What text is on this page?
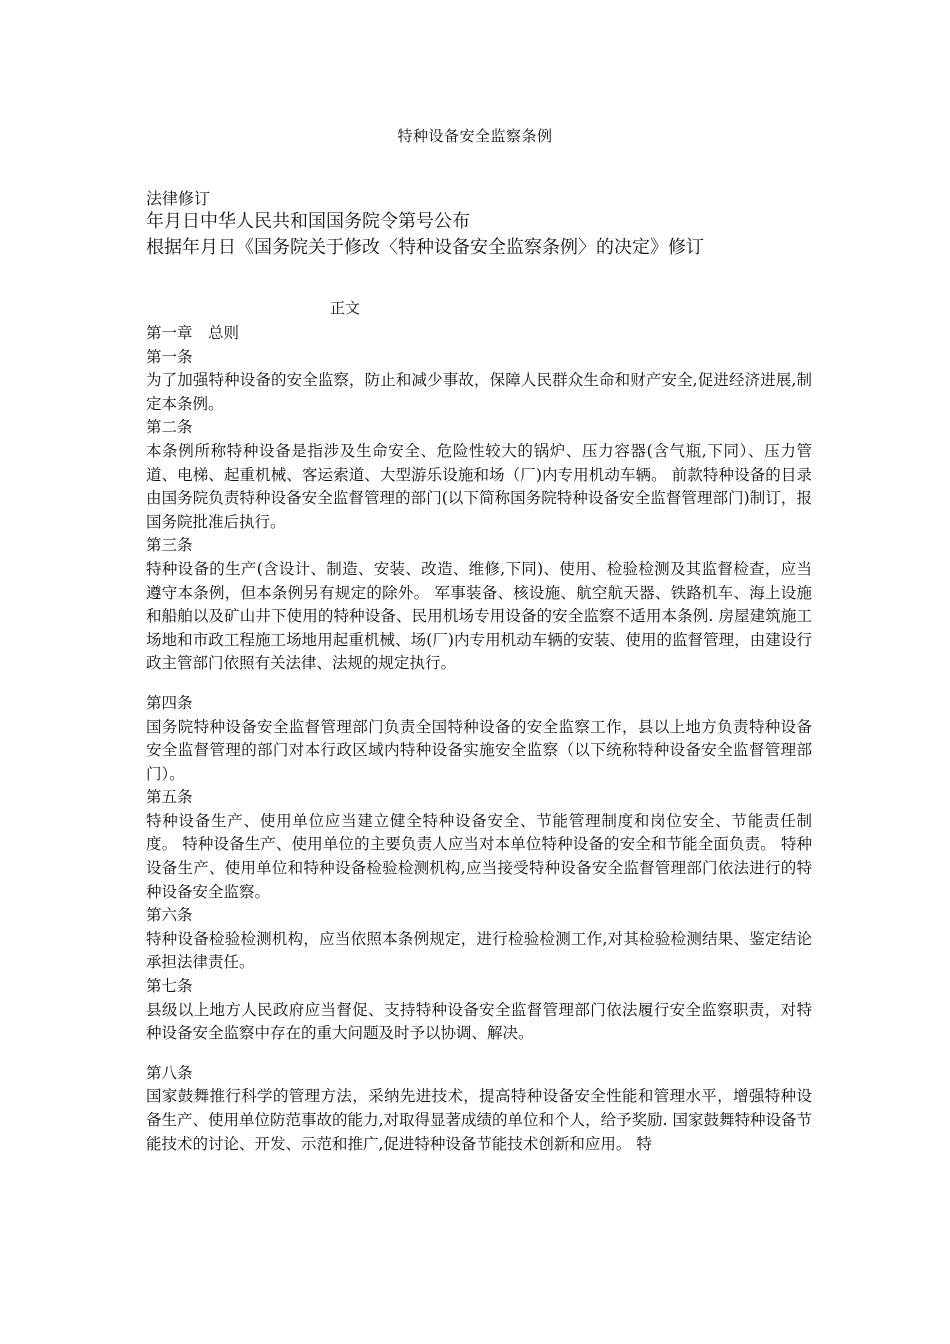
特种设备安全监察条例
法律修订
年月日中华人民共和国国务院令第号公布
根据年月日《国务院关于修改〈特种设备安全监察条例〉的决定》修订
正文
第一章　总则
第一条
为了加强特种设备的安全监察，防止和减少事故，保障人民群众生命和财产安全,促进经济进展,制定本条例。
第二条
本条例所称特种设备是指涉及生命安全、危险性较大的锅炉、压力容器(含气瓶,下同）、压力管道、电梯、起重机械、客运索道、大型游乐设施和场（厂)内专用机动车辆。 前款特种设备的目录由国务院负责特种设备安全监督管理的部门(以下简称国务院特种设备安全监督管理部门)制订，报国务院批准后执行。
第三条
特种设备的生产(含设计、制造、安装、改造、维修,下同)、使用、检验检测及其监督检查，应当遵守本条例，但本条例另有规定的除外。 军事装备、核设施、航空航天器、铁路机车、海上设施和船舶以及矿山井下使用的特种设备、民用机场专用设备的安全监察不适用本条例. 房屋建筑施工场地和市政工程施工场地用起重机械、场(厂)内专用机动车辆的安装、使用的监督管理，由建设行政主管部门依照有关法律、法规的规定执行。
第四条
国务院特种设备安全监督管理部门负责全国特种设备的安全监察工作，县以上地方负责特种设备安全监督管理的部门对本行政区域内特种设备实施安全监察（以下统称特种设备安全监督管理部门）。
第五条
特种设备生产、使用单位应当建立健全特种设备安全、节能管理制度和岗位安全、节能责任制度。 特种设备生产、使用单位的主要负责人应当对本单位特种设备的安全和节能全面负责。 特种设备生产、使用单位和特种设备检验检测机构,应当接受特种设备安全监督管理部门依法进行的特种设备安全监察。
第六条
特种设备检验检测机构，应当依照本条例规定，进行检验检测工作,对其检验检测结果、鉴定结论承担法律责任。
第七条
县级以上地方人民政府应当督促、支持特种设备安全监督管理部门依法履行安全监察职责，对特种设备安全监察中存在的重大问题及时予以协调、解决。
第八条
国家鼓舞推行科学的管理方法，采纳先进技术，提高特种设备安全性能和管理水平，增强特种设备生产、使用单位防范事故的能力,对取得显著成绩的单位和个人，给予奖励. 国家鼓舞特种设备节能技术的讨论、开发、示范和推广,促进特种设备节能技术创新和应用。 特
